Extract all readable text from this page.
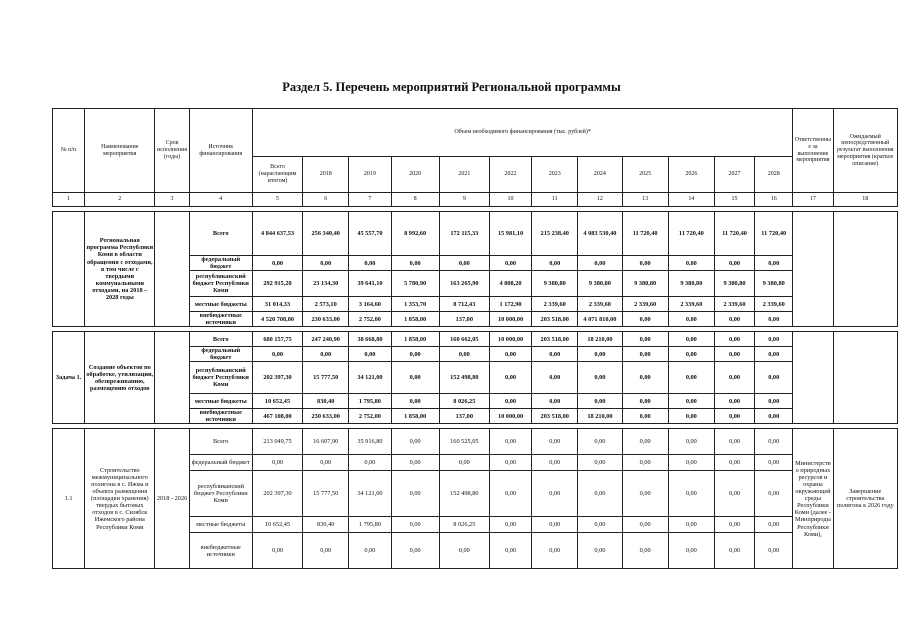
Раздел 5. Перечень мероприятий Региональной программы
№ п/п	Наименование мероприятия	Срок исполнения (годы)	Источник финансирования	Объем необходимого финансирования (тыс. рублей)*												Ответственные за выполнение мероприятия	Ожидаемый непосредственный результат выполнения мероприятия (краткое описание)
				Всего (нарастающим итогом)	2018	2019	2020	2021	2022	2023	2024	2025	2026	2027	2028		
1	2	3	4	5	6	7	8	9	10	11	12	13	14	15	16	17	18

	Региональная программа Республики Коми в области обращения с отходами, в том числе с твердыми коммунальными отходами, на 2018 – 2028 годы		Всего	4 844 637,53	256 340,40	45 557,70	8 992,60	172 115,33	15 981,10	215 238,40	4 083 530,40	11 720,40	11 720,40	11 720,40	11 720,40		
			федеральный бюджет	0,00	0,00	0,00	0,00	0,00	0,00	0,00	0,00	0,00	0,00	0,00	0,00		
			республиканский бюджет Республики Коми	292 915,20	23 134,30	39 641,10	5 780,90	163 265,90	4 808,20	9 380,80	9 380,80	9 380,80	9 380,80	9 380,80	9 380,80		
			местные бюджеты	31 014,33	2 573,10	3 164,60	1 353,70	8 712,43	1 172,90	2 339,60	2 339,60	2 339,60	2 339,60	2 339,60	2 339,60		
			внебюджетные источники	4 520 708,00	230 633,00	2 752,00	1 858,00	137,00	10 000,00	203 518,00	4 071 810,00	0,00	0,00	0,00	0,00		

Задача 1.	Создание объектов по обработке, утилизации, обезвреживанию, размещению отходов		Всего	680 157,75	247 240,90	38 668,80	1 858,00	160 662,05	10 000,00	203 518,00	18 210,00	0,00	0,00	0,00	0,00		
			федеральный бюджет	0,00	0,00	0,00	0,00	0,00	0,00	0,00	0,00	0,00	0,00	0,00	0,00		
			республиканский бюджет Республики Коми	202 397,30	15 777,50	34 121,00	0,00	152 498,80	0,00	0,00	0,00	0,00	0,00	0,00	0,00		
			местные бюджеты	10 652,45	830,40	1 795,80	0,00	8 026,25	0,00	0,00	0,00	0,00	0,00	0,00	0,00		
			внебюджетные источники	467 108,00	230 633,00	2 752,00	1 858,00	137,00	10 000,00	203 518,00	18 210,00	0,00	0,00	0,00	0,00		

1.1	Строительство межмуниципального полигона в с. Ижма и объекта размещения (площадки хранения) твердых бытовых отходов в с. Сизябск Ижемского района Республики Коми	2018 - 2026	Всего	213 049,75	16 607,90	35 916,80	0,00	160 525,05	0,00	0,00	0,00	0,00	0,00	0,00	0,00	Министерство природных ресурсов и охраны окружающей среды Республики Коми (далее - Минприроды Республики Коми),	Завершение строительства полигона к 2026 году
			федеральный бюджет	0,00	0,00	0,00	0,00	0,00	0,00	0,00	0,00	0,00	0,00	0,00	0,00		
			республиканский бюджет Республики Коми	202 397,30	15 777,50	34 121,00	0,00	152 498,80	0,00	0,00	0,00	0,00	0,00	0,00	0,00		
			местные бюджеты	10 652,45	830,40	1 795,80	0,00	8 026,25	0,00	0,00	0,00	0,00	0,00	0,00	0,00		
			внебюджетные источники	0,00	0,00	0,00	0,00	0,00	0,00	0,00	0,00	0,00	0,00	0,00	0,00		
